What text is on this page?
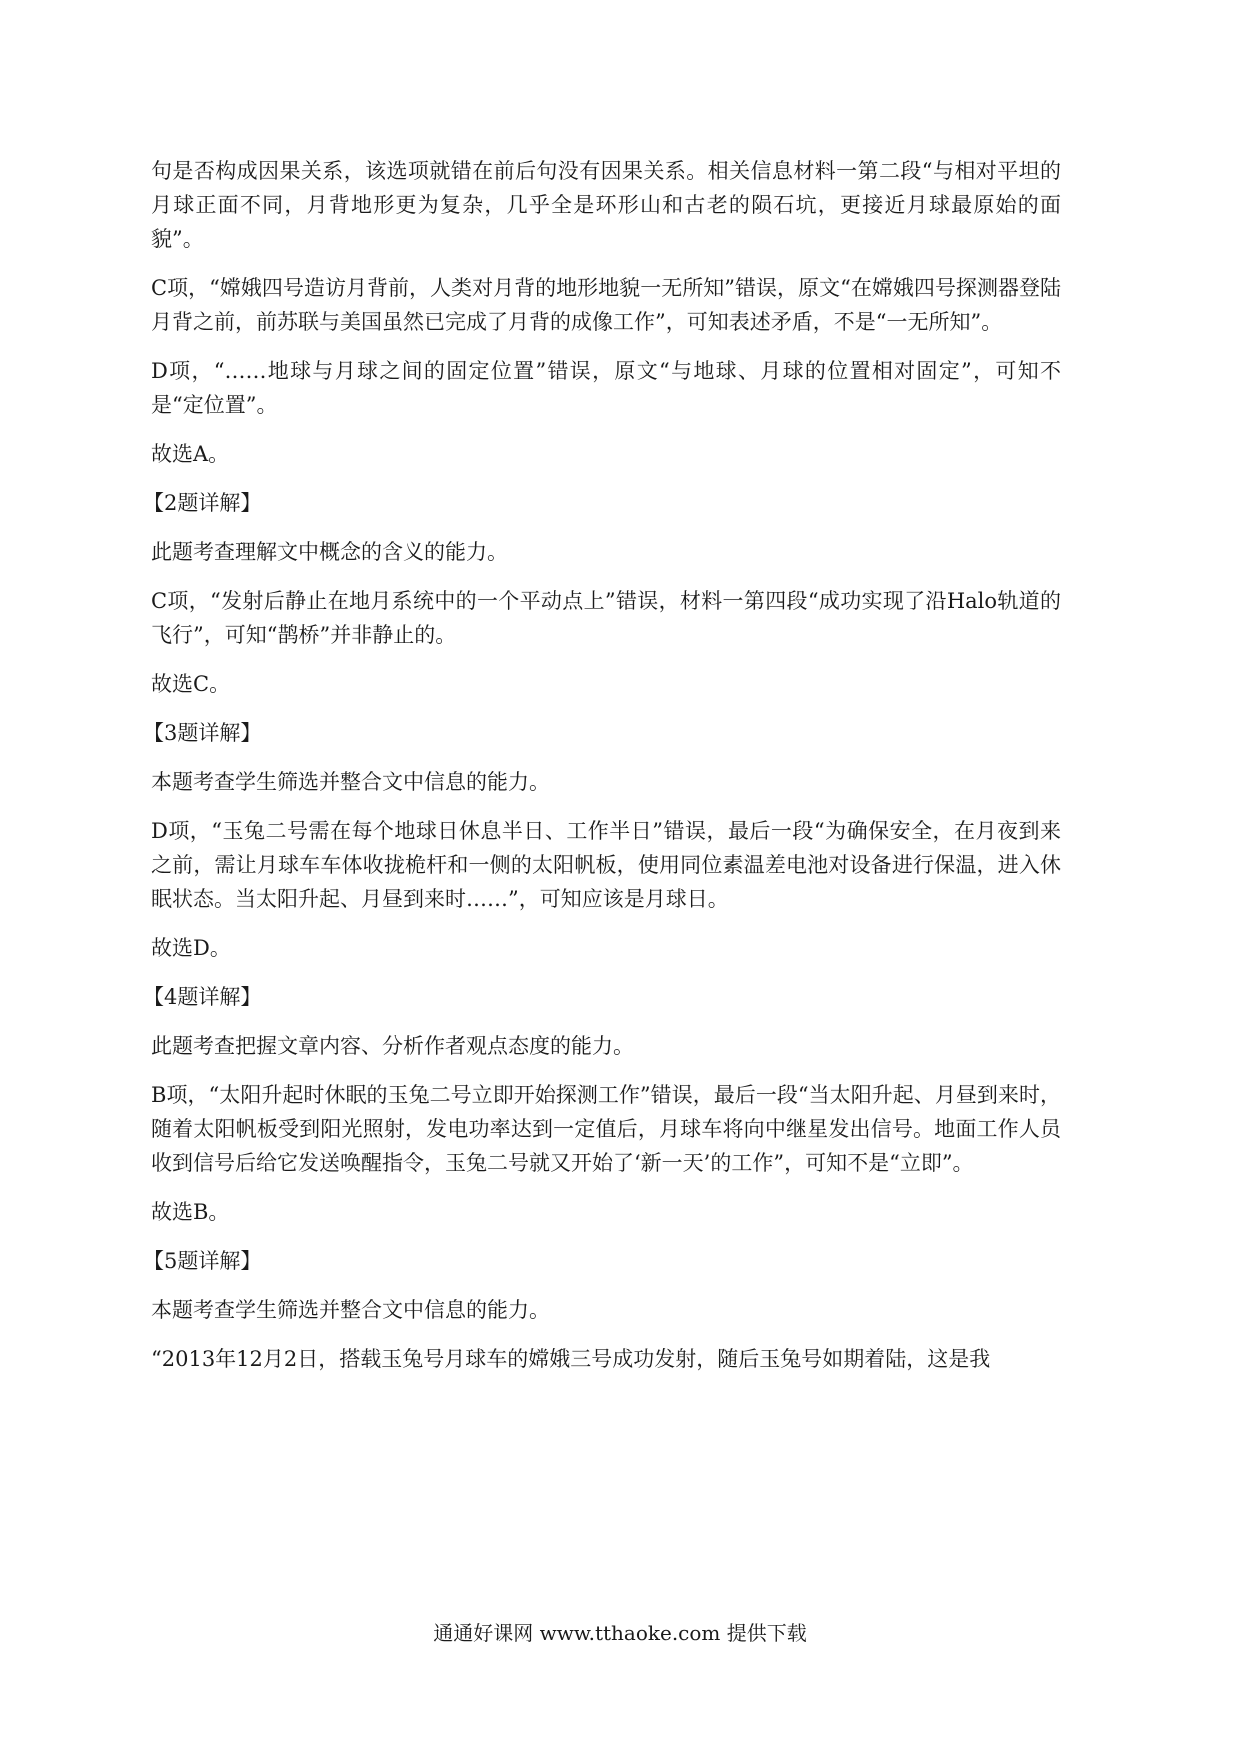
句是否构成因果关系，该选项就错在前后句没有因果关系。相关信息材料一第二段“与相对平坦的月球正面不同，月背地形更为复杂，几乎全是环形山和古老的陨石坑，更接近月球最原始的面貌”。

C项，“嫦娥四号造访月背前，人类对月背的地形地貌一无所知”错误，原文“在嫦娥四号探测器登陆月背之前，前苏联与美国虽然已完成了月背的成像工作”，可知表述矛盾，不是“一无所知”。

D项，“……地球与月球之间的固定位置”错误，原文“与地球、月球的位置相对固定”，可知不是“定位置”。

故选A。

【2题详解】

此题考查理解文中概念的含义的能力。

C项，“发射后静止在地月系统中的一个平动点上”错误，材料一第四段“成功实现了沿Halo轨道的飞行”，可知“鹊桥”并非静止的。

故选C。

【3题详解】

本题考查学生筛选并整合文中信息的能力。

D项，“玉兔二号需在每个地球日休息半日、工作半日”错误，最后一段“为确保安全，在月夜到来之前，需让月球车车体收拢桅杆和一侧的太阳帆板，使用同位素温差电池对设备进行保温，进入休眠状态。当太阳升起、月昼到来时……”，可知应该是月球日。

故选D。

【4题详解】

此题考查把握文章内容、分析作者观点态度的能力。

B项，“太阳升起时休眠的玉兔二号立即开始探测工作”错误，最后一段“当太阳升起、月昼到来时，随着太阳帆板受到阳光照射，发电功率达到一定值后，月球车将向中继星发出信号。地面工作人员收到信号后给它发送唤醒指令，玉兔二号就又开始了‘新一天’的工作”，可知不是“立即”。

故选B。

【5题详解】

本题考查学生筛选并整合文中信息的能力。

“2013年12月2日，搭载玉兔号月球车的嫦娥三号成功发射，随后玉兔号如期着陆，这是我

通通好课网 www.tthaoke.com 提供下载
